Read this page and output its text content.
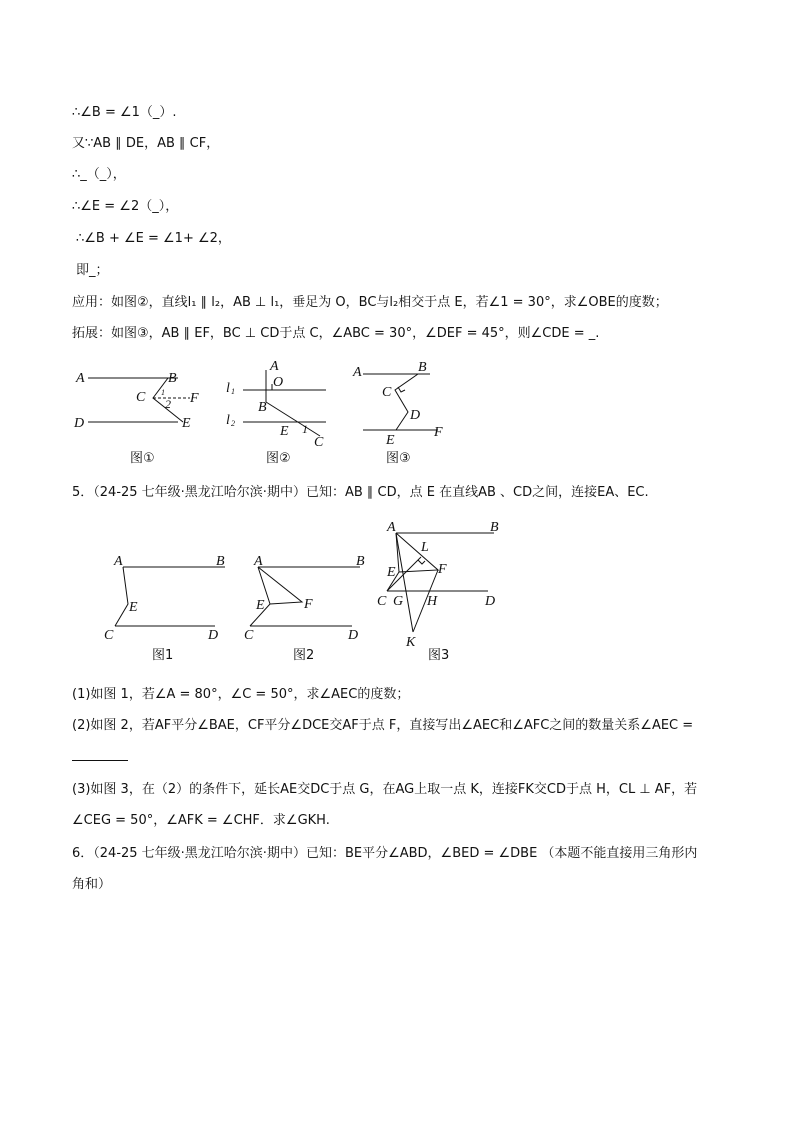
∴∠B = ∠1（_）.
又∵AB ∥ DE，AB ∥ CF，
∴_（_），
∴∠E = ∠2（_），
∴∠B + ∠E = ∠1+ ∠2，
即_；
应用：如图②，直线l₁ ∥ l₂，AB ⊥ l₁，垂足为 O，BC与l₂相交于点 E，若∠1 = 30°，求∠OBE的度数；
拓展：如图③，AB ∥ EF，BC ⊥ CD于点 C，∠ABC = 30°，∠DEF = 45°，则∠CDE = _.
A	B
C 1
2 F
D	E
图①
A
O
l 1
B
l 2
E 1
C
图②
A	B
C
D
E
F
图③
5．（24-25 七年级·黑龙江哈尔滨·期中）已知：AB ∥ CD，点 E 在直线AB 、CD之间，连接EA、EC.
A	B
E
C	D
图1
A	B
E	F
C	D
图2
A	B
L
E	F
C G H	D
K
图3
(1)如图 1，若∠A = 80°，∠C = 50°，求∠AEC的度数；
(2)如图 2，若AF平分∠BAE，CF平分∠DCE交AF于点 F，直接写出∠AEC和∠AFC之间的数量关系∠AEC =
(3)如图 3，在（2）的条件下，延长AE交DC于点 G，在AG上取一点 K，连接FK交CD于点 H，CL ⊥ AF，若
∠CEG = 50°，∠AFK = ∠CHF．求∠GKH.
6．（24-25 七年级·黑龙江哈尔滨·期中）已知：BE平分∠ABD，∠BED = ∠DBE （本题不能直接用三角形内
角和）
